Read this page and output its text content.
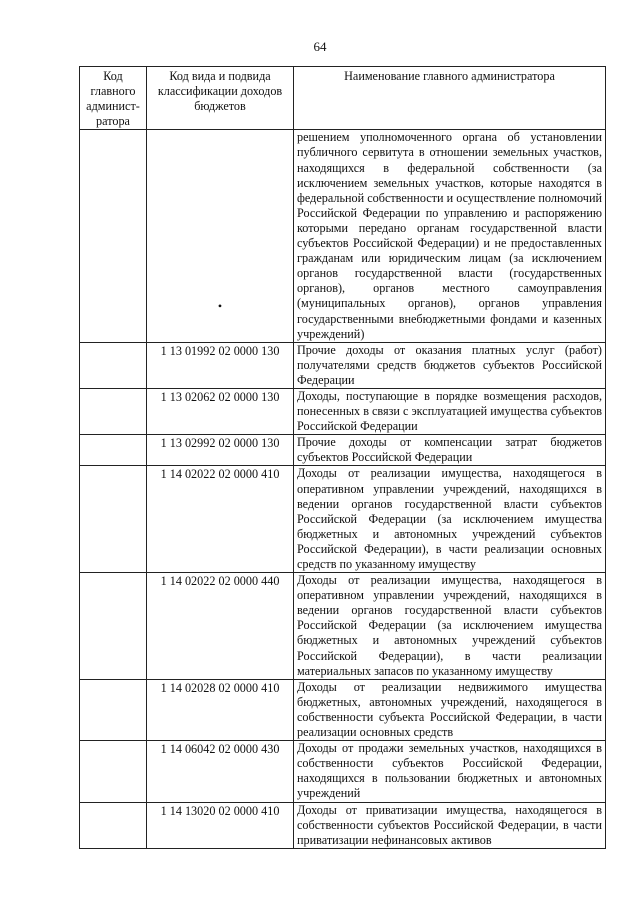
64
Код главного админист-ратора	Код вида и подвида классификации доходов бюджетов	Наименование главного администратора

	•	решением уполномоченного органа об установлении публичного сервитута в отношении земельных участков, находящихся в федеральной собственности (за исключением земельных участков, которые находятся в федеральной собственности и осуществление полномочий Российской Федерации по управлению и распоряжению которыми передано органам государственной власти субъектов Российской Федерации) и не предоставленных гражданам или юридическим лицам (за исключением органов государственной власти (государственных органов), органов местного самоуправления (муниципальных органов), органов управления государственными внебюджетными фондами и казенных учреждений)
	1 13 01992 02 0000 130	Прочие доходы от оказания платных услуг (работ) получателями средств бюджетов субъектов Российской Федерации
	1 13 02062 02 0000 130	Доходы, поступающие в порядке возмещения расходов, понесенных в связи с эксплуатацией имущества субъектов Российской Федерации
	1 13 02992 02 0000 130	Прочие доходы от компенсации затрат бюджетов субъектов Российской Федерации
	1 14 02022 02 0000 410	Доходы от реализации имущества, находящегося в оперативном управлении учреждений, находящихся в ведении органов государственной власти субъектов Российской Федерации (за исключением имущества бюджетных и автономных учреждений субъектов Российской Федерации), в части реализации основных средств по указанному имуществу
	1 14 02022 02 0000 440	Доходы от реализации имущества, находящегося в оперативном управлении учреждений, находящихся в ведении органов государственной власти субъектов Российской Федерации (за исключением имущества бюджетных и автономных учреждений субъектов Российской Федерации), в части реализации материальных запасов по указанному имуществу
	1 14 02028 02 0000 410	Доходы от реализации недвижимого имущества бюджетных, автономных учреждений, находящегося в собственности субъекта Российской Федерации, в части реализации основных средств
	1 14 06042 02 0000 430	Доходы от продажи земельных участков, находящихся в собственности субъектов Российской Федерации, находящихся в пользовании бюджетных и автономных учреждений
	1 14 13020 02 0000 410	Доходы от приватизации имущества, находящегося в собственности субъектов Российской Федерации, в части приватизации нефинансовых активов
